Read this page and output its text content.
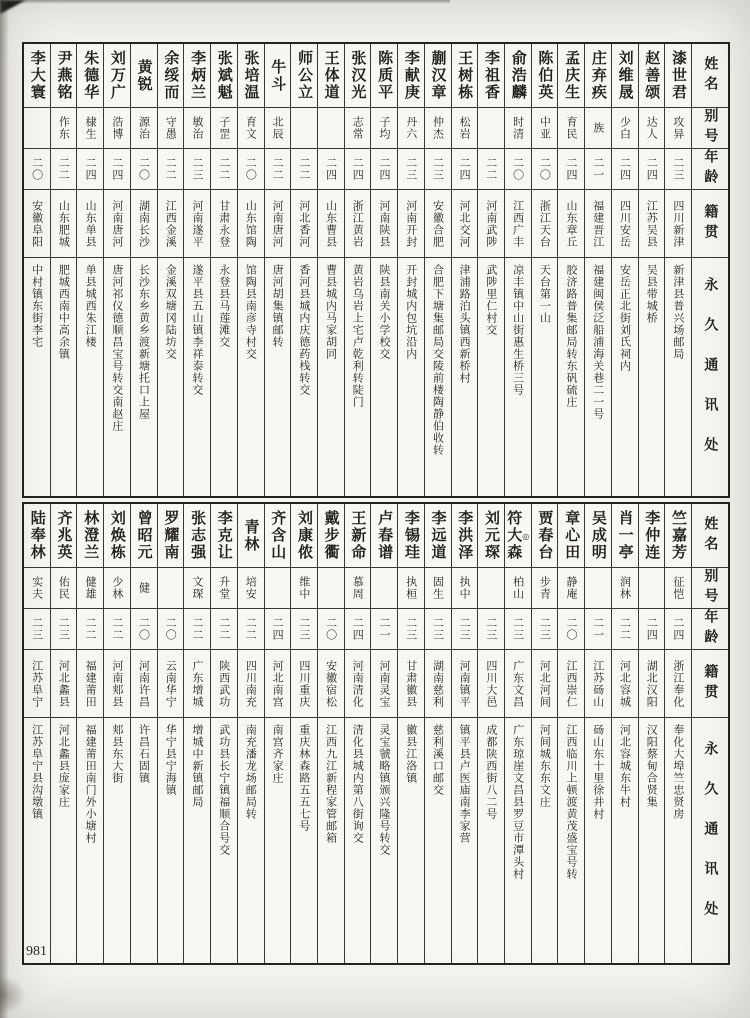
姓名
别号
年龄
籍贯
永久通讯处
漆世君
攻异
二三
四川新津
新津县普兴场邮局
赵善颂
达人
二四
江苏吴县
吴县带城桥
刘维晟
少白
二四
四川安岳
安岳正北街刘氏祠内
庄弃疾
族
二一
福建晋江
福建闽侯泛船浦海关巷二一号
孟庆生
育民
二四
山东章丘
胶济路普集邮局转东矾硫庄
陈伯英
中亚
二〇
浙江天台
天台第一山
俞浩麟
时清
二〇
江西广丰
凉丰镇中山街惠生桥三号
李祖香
二二
河南武陟
武陟里仁村交
王树栋
松岩
二四
河北交河
津浦路泊头镇西新桥村
蒯汉章
仲杰
二三
安徽合肥
合肥下塘集邮局交陵前楼陶静伯收转
李献庚
丹六
二三
河南开封
开封城内包坑沿内
陈质平
子均
二四
河南陕县
陕县南关小学校交
张汉光
志常
二四
浙江黄岩
黄岩乌岩上宅卢乾利转陡门
王体道
二四
山东曹县
曹县城内马家胡同
师公立
二二
河北香河
香河县城内庆德药栈转交
牛斗
北辰
二二
河南唐河
唐河胡集镇邮转
张培温
育文
二〇
山东馆陶
馆陶县南彦寺村交
张斌魁
子罡
二二
甘肃永登
永登县马莲滩交
李炳兰
敏治
二三
河南遂平
遂平县五山镇李祥泰转交
余绥而
守愚
二二
江西金溪
金溪双塘冈陆坊交
黄锐
源治
二〇
湖南长沙
长沙东乡黄乡渡新塘托口上屋
刘万广
浩博
二四
河南唐河
唐河祁仪德顺昌宝号转交南赵庄
朱德华
棣生
二四
山东单县
单县城西朱江楼
尹燕铭
作东
二二
山东肥城
肥城西南中高余镇
李大寰
二〇
安徽阜阳
中村镇东街李宅
姓名
别号
年龄
籍贯
永久通讯处
竺嘉芳
征恺
二四
浙江奉化
奉化大埠竺忠贤房
李仲连
二四
湖北汉阳
汉阳蔡甸合贤集
肖一亭
润林
二二
河北容城
河北容城东牛村
吴成明
二一
江苏砀山
砀山东十里徐井村
章心田
静庵
二〇
江西崇仁
江西临川上顿渡黄茂盛宝号转
贾春台
步青
二三
河北河间
河间城东东文庄
符大森
◎
柏山
二三
广东文昌
广东琼崖文昌县罗豆市潭头村
刘元琛
二三
四川大邑
成都陕西街八二号
李洪泽
执中
二三
河南镇平
镇平县卢医庙南李家营
李远道
固生
二三
湖南慈利
慈利溪口邮交
李锡珪
执桓
二三
甘肃徽县
徽县江洛镇
卢春谱
二一
河南灵宝
灵宝虢略镇颁兴隆号转交
王新命
慕周
二四
河南清化
清化县城内第八街询交
戴步衢
二〇
安徽宿松
江西九江新程家管邮箱
刘康侬
维中
二三
四川重庆
重庆林森路五五七号
齐含山
二四
河北南宫
南宫齐家庄
青林
培安
二二
四川南充
南充潘龙场邮局转
李克让
升堂
二二
陕西武功
武功县长宁镇福顺合号交
张志强
文琛
二二
广东增城
增城中新镇邮局
罗耀南
二〇
云南华宁
华宁县宁海镇
曾昭元
健
二〇
河南许昌
许昌石固镇
刘焕栋
少林
二二
河南郏县
郏县东大街
林澄兰
健雄
二二
福建莆田
福建莆田南门外小塘村
齐兆英
佑民
二三
河北蠡县
河北蠡县庞家庄
陆奉林
实夫
二三
江苏阜宁
江苏阜宁县沟墩镇
981
